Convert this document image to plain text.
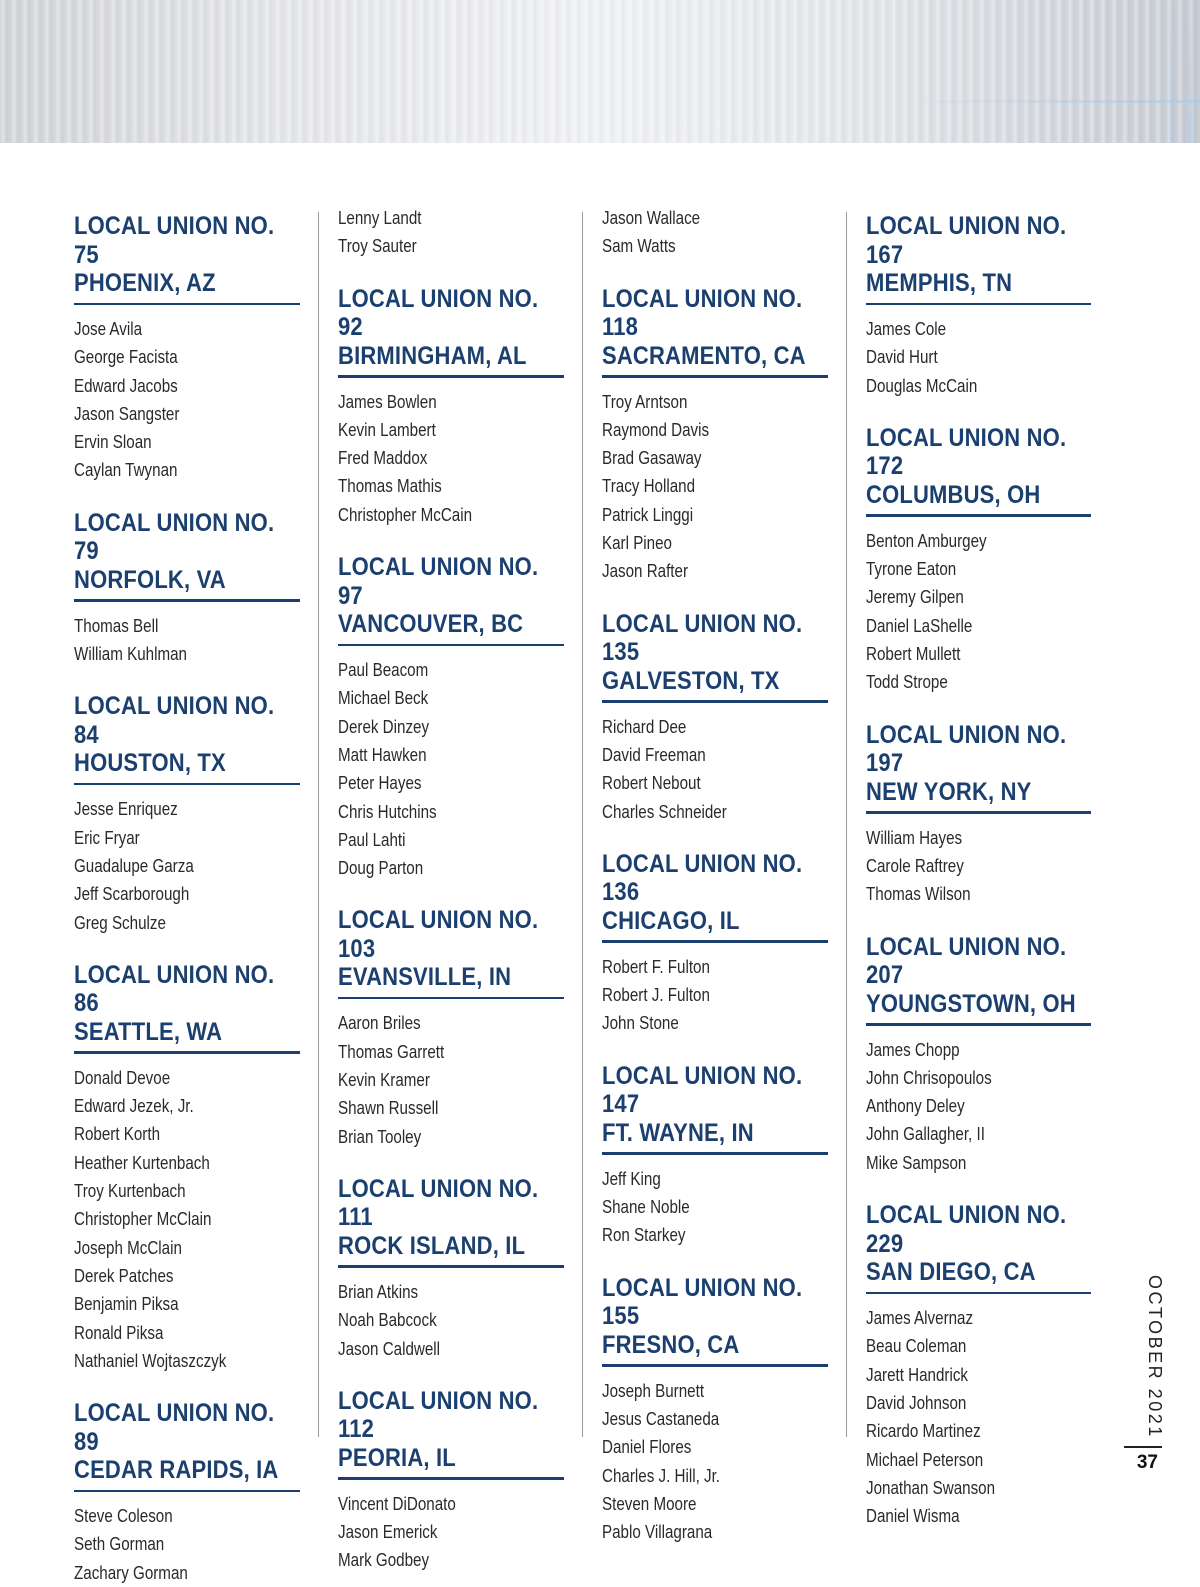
LOCAL UNION NO. 75
PHOENIX, AZ
Jose Avila
George Facista
Edward Jacobs
Jason Sangster
Ervin Sloan
Caylan Twynan
LOCAL UNION NO. 79
NORFOLK, VA
Thomas Bell
William Kuhlman
LOCAL UNION NO. 84
HOUSTON, TX
Jesse Enriquez
Eric Fryar
Guadalupe Garza
Jeff Scarborough
Greg Schulze
LOCAL UNION NO. 86
SEATTLE, WA
Donald Devoe
Edward Jezek, Jr.
Robert Korth
Heather Kurtenbach
Troy Kurtenbach
Christopher McClain
Joseph McClain
Derek Patches
Benjamin Piksa
Ronald Piksa
Nathaniel Wojtaszczyk
LOCAL UNION NO. 89
CEDAR RAPIDS, IA
Steve Coleson
Seth Gorman
Zachary Gorman
Lenny Landt
Troy Sauter
LOCAL UNION NO. 92
BIRMINGHAM, AL
James Bowlen
Kevin Lambert
Fred Maddox
Thomas Mathis
Christopher McCain
LOCAL UNION NO. 97
VANCOUVER, BC
Paul Beacom
Michael Beck
Derek Dinzey
Matt Hawken
Peter Hayes
Chris Hutchins
Paul Lahti
Doug Parton
LOCAL UNION NO. 103
EVANSVILLE, IN
Aaron Briles
Thomas Garrett
Kevin Kramer
Shawn Russell
Brian Tooley
LOCAL UNION NO. 111
ROCK ISLAND, IL
Brian Atkins
Noah Babcock
Jason Caldwell
LOCAL UNION NO. 112
PEORIA, IL
Vincent DiDonato
Jason Emerick
Mark Godbey
Jason Wallace
Sam Watts
LOCAL UNION NO. 118
SACRAMENTO, CA
Troy Arntson
Raymond Davis
Brad Gasaway
Tracy Holland
Patrick Linggi
Karl Pineo
Jason Rafter
LOCAL UNION NO. 135
GALVESTON, TX
Richard Dee
David Freeman
Robert Nebout
Charles Schneider
LOCAL UNION NO. 136
CHICAGO, IL
Robert F. Fulton
Robert J. Fulton
John Stone
LOCAL UNION NO. 147
FT. WAYNE, IN
Jeff King
Shane Noble
Ron Starkey
LOCAL UNION NO. 155
FRESNO, CA
Joseph Burnett
Jesus Castaneda
Daniel Flores
Charles J. Hill, Jr.
Steven Moore
Pablo Villagrana
LOCAL UNION NO. 167
MEMPHIS, TN
James Cole
David Hurt
Douglas McCain
LOCAL UNION NO. 172
COLUMBUS, OH
Benton Amburgey
Tyrone Eaton
Jeremy Gilpen
Daniel LaShelle
Robert Mullett
Todd Strope
LOCAL UNION NO. 197
NEW YORK, NY
William Hayes
Carole Raftrey
Thomas Wilson
LOCAL UNION NO. 207
YOUNGSTOWN, OH
James Chopp
John Chrisopoulos
Anthony Deley
John Gallagher, II
Mike Sampson
LOCAL UNION NO. 229
SAN DIEGO, CA
James Alvernaz
Beau Coleman
Jarett Handrick
David Johnson
Ricardo Martinez
Michael Peterson
Jonathan Swanson
Daniel Wisma
OCTOBER 2021
37
